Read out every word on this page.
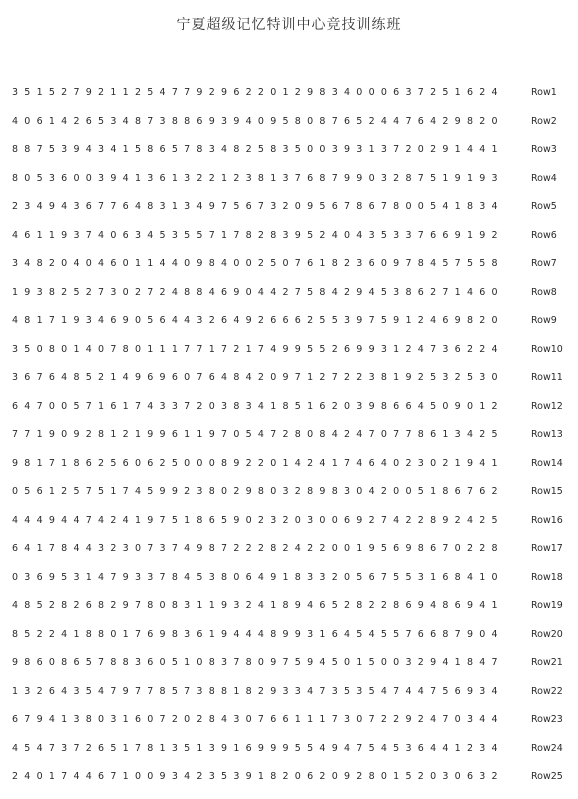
宁夏超级记忆特训中心竞技训练班
3 5 1 5 2 7 9 2 1 1 2 5 4 7 7 9 2 9 6 2 2 0 1 2 9 8 3 4 0 0 0 6 3 7 2 5 1 6 2 4	Row1
4 0 6 1 4 2 6 5 3 4 8 7 3 8 8 6 9 3 9 4 0 9 5 8 0 8 7 6 5 2 4 4 7 6 4 2 9 8 2 0	Row2
8 8 7 5 3 9 4 3 4 1 5 8 6 5 7 8 3 4 8 2 5 8 3 5 0 0 3 9 3 1 3 7 2 0 2 9 1 4 4 1	Row3
8 0 5 3 6 0 0 3 9 4 1 3 6 1 3 2 2 1 2 3 8 1 3 7 6 8 7 9 9 0 3 2 8 7 5 1 9 1 9 3	Row4
2 3 4 9 4 3 6 7 7 6 4 8 3 1 3 4 9 7 5 6 7 3 2 0 9 5 6 7 8 6 7 8 0 0 5 4 1 8 3 4	Row5
4 6 1 1 9 3 7 4 0 6 3 4 5 3 5 5 7 1 7 8 2 8 3 9 5 2 4 0 4 3 5 3 3 7 6 6 9 1 9 2	Row6
3 4 8 2 0 4 0 4 6 0 1 1 4 4 0 9 8 4 0 0 2 5 0 7 6 1 8 2 3 6 0 9 7 8 4 5 7 5 5 8	Row7
1 9 3 8 2 5 2 7 3 0 2 7 2 4 8 8 4 6 9 0 4 4 2 7 5 8 4 2 9 4 5 3 8 6 2 7 1 4 6 0	Row8
4 8 1 7 1 9 3 4 6 9 0 5 6 4 4 3 2 6 4 9 2 6 6 6 2 5 5 3 9 7 5 9 1 2 4 6 9 8 2 0	Row9
3 5 0 8 0 1 4 0 7 8 0 1 1 1 7 7 1 7 2 1 7 4 9 9 5 5 2 6 9 9 3 1 2 4 7 3 6 2 2 4	Row10
3 6 7 6 4 8 5 2 1 4 9 6 9 6 0 7 6 4 8 4 2 0 9 7 1 2 7 2 2 3 8 1 9 2 5 3 2 5 3 0	Row11
6 4 7 0 0 5 7 1 6 1 7 4 3 3 7 2 0 3 8 3 4 1 8 5 1 6 2 0 3 9 8 6 6 4 5 0 9 0 1 2	Row12
7 7 1 9 0 9 2 8 1 2 1 9 9 6 1 1 9 7 0 5 4 7 2 8 0 8 4 2 4 7 0 7 7 8 6 1 3 4 2 5	Row13
9 8 1 7 1 8 6 2 5 6 0 6 2 5 0 0 0 8 9 2 2 0 1 4 2 4 1 7 4 6 4 0 2 3 0 2 1 9 4 1	Row14
0 5 6 1 2 5 7 5 1 7 4 5 9 9 2 3 8 0 2 9 8 0 3 2 8 9 8 3 0 4 2 0 0 5 1 8 6 7 6 2	Row15
4 4 4 9 4 4 7 4 2 4 1 9 7 5 1 8 6 5 9 0 2 3 2 0 3 0 0 6 9 2 7 4 2 2 8 9 2 4 2 5	Row16
6 4 1 7 8 4 4 3 2 3 0 7 3 7 4 9 8 7 2 2 2 8 2 4 2 2 0 0 1 9 5 6 9 8 6 7 0 2 2 8	Row17
0 3 6 9 5 3 1 4 7 9 3 3 7 8 4 5 3 8 0 6 4 9 1 8 3 3 2 0 5 6 7 5 5 3 1 6 8 4 1 0	Row18
4 8 5 2 8 2 6 8 2 9 7 8 0 8 3 1 1 9 3 2 4 1 8 9 4 6 5 2 8 2 2 8 6 9 4 8 6 9 4 1	Row19
8 5 2 2 4 1 8 8 0 1 7 6 9 8 3 6 1 9 4 4 4 8 9 9 3 1 6 4 5 4 5 5 7 6 6 8 7 9 0 4	Row20
9 8 6 0 8 6 5 7 8 8 3 6 0 5 1 0 8 3 7 8 0 9 7 5 9 4 5 0 1 5 0 0 3 2 9 4 1 8 4 7	Row21
1 3 2 6 4 3 5 4 7 9 7 7 8 5 7 3 8 8 1 8 2 9 3 3 4 7 3 5 3 5 4 7 4 4 7 5 6 9 3 4	Row22
6 7 9 4 1 3 8 0 3 1 6 0 7 2 0 2 8 4 3 0 7 6 6 1 1 1 7 3 0 7 2 2 9 2 4 7 0 3 4 4	Row23
4 5 4 7 3 7 2 6 5 1 7 8 1 3 5 1 3 9 1 6 9 9 9 5 5 4 9 4 7 5 4 5 3 6 4 4 1 2 3 4	Row24
2 4 0 1 7 4 4 6 7 1 0 0 9 3 4 2 3 5 3 9 1 8 2 0 6 2 0 9 2 8 0 1 5 2 0 3 0 6 3 2	Row25
